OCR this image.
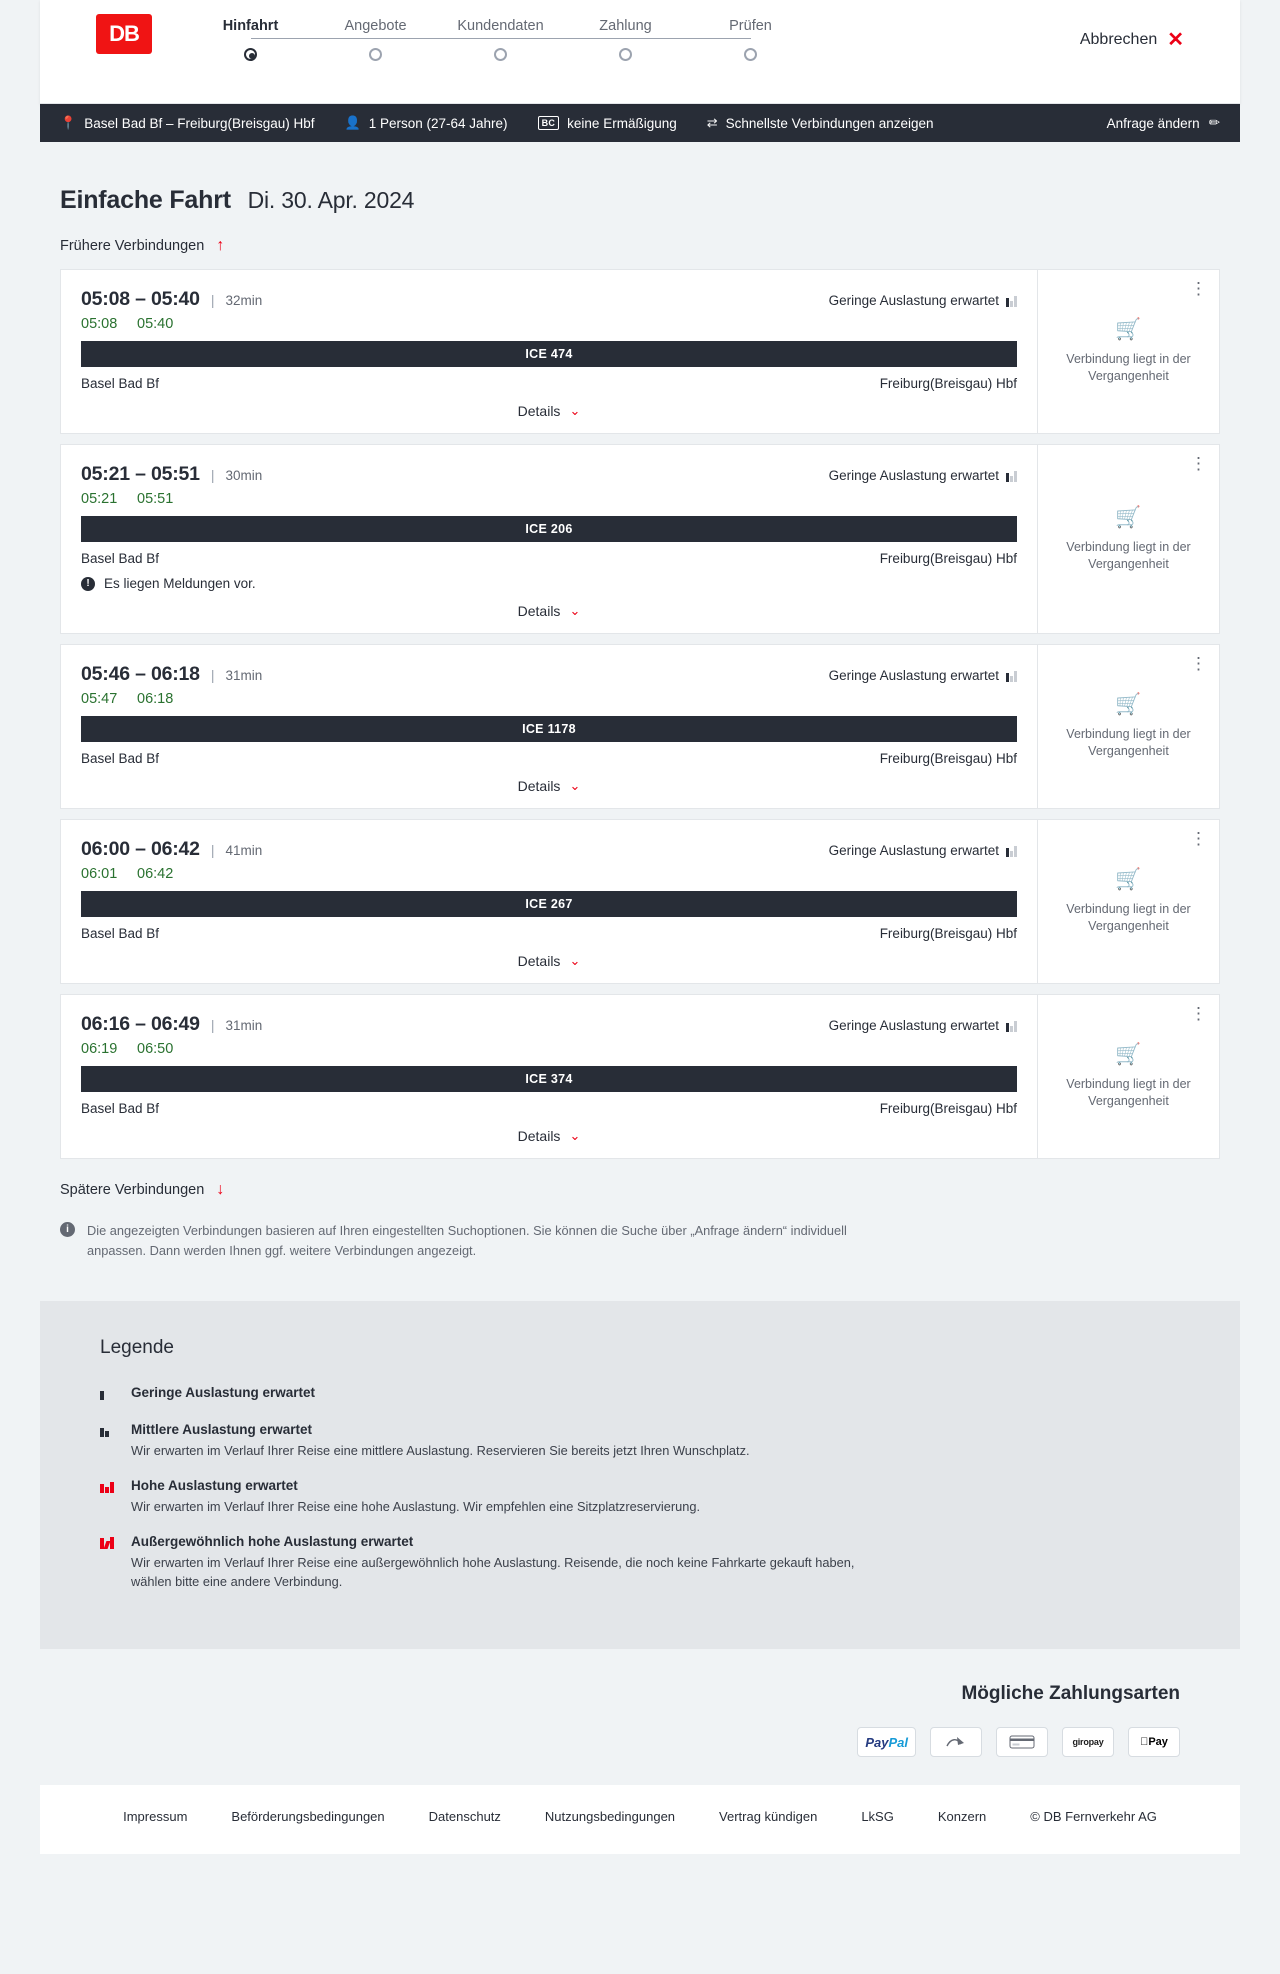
DB	Hinfahrt	Angebote	Kundendaten	Zahlung	Prüfen
Abbrechen ✕
📍 Basel Bad Bf – Freiburg(Breisgau) Hbf 👤 1 Person (27-64 Jahre)	BC keine Ermäßigung ⇄ Schnellste Verbindungen anzeigen	Anfrage ändern ✏
Einfache Fahrt Di. 30. Apr. 2024
Frühere Verbindungen ↑
05:08 – 05:40 | 32min	Geringe Auslastung erwartet
05:08	05:40
ICE 474
Basel Bad Bf	Freiburg(Breisgau) Hbf
Details ⌄
⋮
🛒
Verbindung liegt in der Vergangenheit
05:21 – 05:51 | 30min	Geringe Auslastung erwartet
05:21	05:51
ICE 206
Basel Bad Bf	Freiburg(Breisgau) Hbf
!	Es liegen Meldungen vor.
Details ⌄
⋮
🛒
Verbindung liegt in der Vergangenheit
05:46 – 06:18 | 31min	Geringe Auslastung erwartet
05:47	06:18
ICE 1178
Basel Bad Bf	Freiburg(Breisgau) Hbf
Details ⌄
⋮
🛒
Verbindung liegt in der Vergangenheit
06:00 – 06:42 | 41min	Geringe Auslastung erwartet
06:01	06:42
ICE 267
Basel Bad Bf	Freiburg(Breisgau) Hbf
Details ⌄
⋮
🛒
Verbindung liegt in der Vergangenheit
06:16 – 06:49 | 31min	Geringe Auslastung erwartet
06:19	06:50
ICE 374
Basel Bad Bf	Freiburg(Breisgau) Hbf
Details ⌄
⋮
🛒
Verbindung liegt in der Vergangenheit
Spätere Verbindungen ↓
i	Die angezeigten Verbindungen basieren auf Ihren eingestellten Suchoptionen. Sie können die Suche über „Anfrage ändern“ individuell anpassen. Dann werden Ihnen ggf. weitere Verbindungen angezeigt.
Legende
Geringe Auslastung erwartet
Mittlere Auslastung erwartet
Wir erwarten im Verlauf Ihrer Reise eine mittlere Auslastung. Reservieren Sie bereits jetzt Ihren Wunschplatz.
Hohe Auslastung erwartet
Wir erwarten im Verlauf Ihrer Reise eine hohe Auslastung. Wir empfehlen eine Sitzplatzreservierung.
Außergewöhnlich hohe Auslastung erwartet
Wir erwarten im Verlauf Ihrer Reise eine außergewöhnlich hohe Auslastung. Reisende, die noch keine Fahrkarte gekauft haben, wählen bitte eine andere Verbindung.
Mögliche Zahlungsarten
Pay Pal	giropay	Pay
Impressum	Beförderungsbedingungen	Datenschutz	Nutzungsbedingungen	Vertrag kündigen	LkSG	Konzern	© DB Fernverkehr AG
